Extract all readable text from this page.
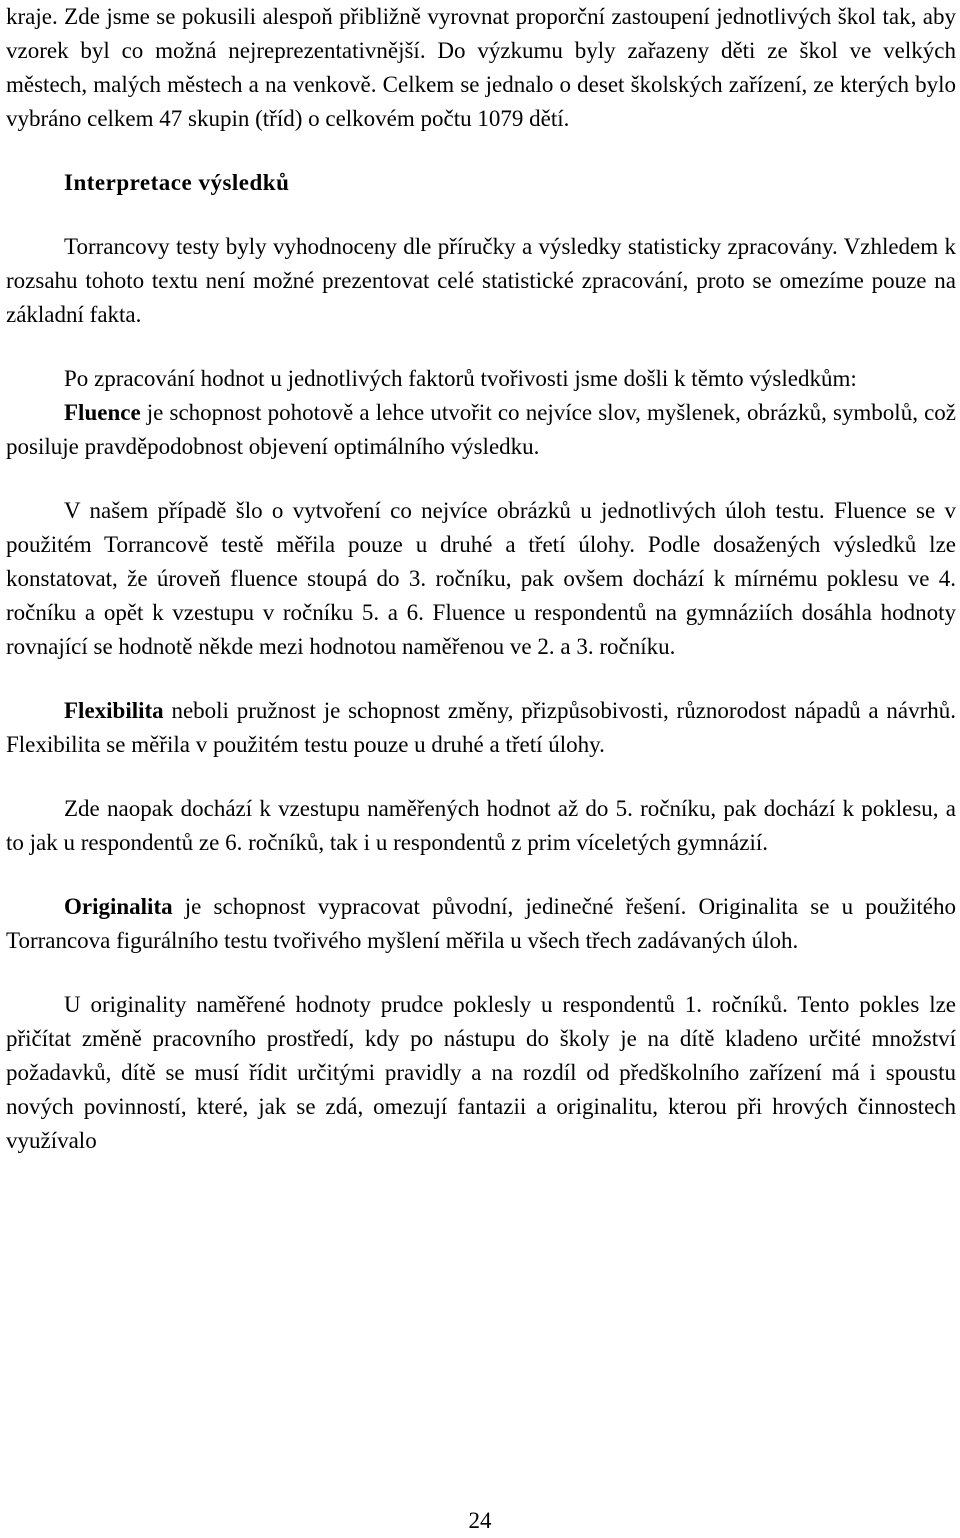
kraje. Zde jsme se pokusili alespoň přibližně vyrovnat proporční zastoupení jednotlivých škol tak, aby vzorek byl co možná nejreprezentativnější. Do výzkumu byly zařazeny děti ze škol ve velkých městech, malých městech a na venkově. Celkem se jednalo o deset školských zařízení, ze kterých bylo vybráno celkem 47 skupin (tříd) o celkovém počtu 1079 dětí.

Interpretace výsledků

Torrancovy testy byly vyhodnoceny dle příručky a výsledky statisticky zpracovány. Vzhledem k rozsahu tohoto textu není možné prezentovat celé statistické zpracování, proto se omezíme pouze na základní fakta.

Po zpracování hodnot u jednotlivých faktorů tvořivosti jsme došli k těmto výsledkům:

Fluence je schopnost pohotově a lehce utvořit co nejvíce slov, myšlenek, obrázků, symbolů, což posiluje pravděpodobnost objevení optimálního výsledku.

V našem případě šlo o vytvoření co nejvíce obrázků u jednotlivých úloh testu. Fluence se v použitém Torrancově testě měřila pouze u druhé a třetí úlohy. Podle dosažených výsledků lze konstatovat, že úroveň fluence stoupá do 3. ročníku, pak ovšem dochází k mírnému poklesu ve 4. ročníku a opět k vzestupu v ročníku 5. a 6. Fluence u respondentů na gymnáziích dosáhla hodnoty rovnající se hodnotě někde mezi hodnotou naměřenou ve 2. a 3. ročníku.

Flexibilita neboli pružnost je schopnost změny, přizpůsobivosti, různorodost nápadů a návrhů. Flexibilita se měřila v použitém testu pouze u druhé a třetí úlohy.

Zde naopak dochází k vzestupu naměřených hodnot až do 5. ročníku, pak dochází k poklesu, a to jak u respondentů ze 6. ročníků, tak i u respondentů z prim víceletých gymnázií.

Originalita je schopnost vypracovat původní, jedinečné řešení. Originalita se u použitého Torrancova figurálního testu tvořivého myšlení měřila u všech třech zadávaných úloh.

U originality naměřené hodnoty prudce poklesly u respondentů 1. ročníků. Tento pokles lze přičítat změně pracovního prostředí, kdy po nástupu do školy je na dítě kladeno určité množství požadavků, dítě se musí řídit určitými pravidly a na rozdíl od předškolního zařízení má i spoustu nových povinností, které, jak se zdá, omezují fantazii a originalitu, kterou při hrových činnostech využívalo

24
